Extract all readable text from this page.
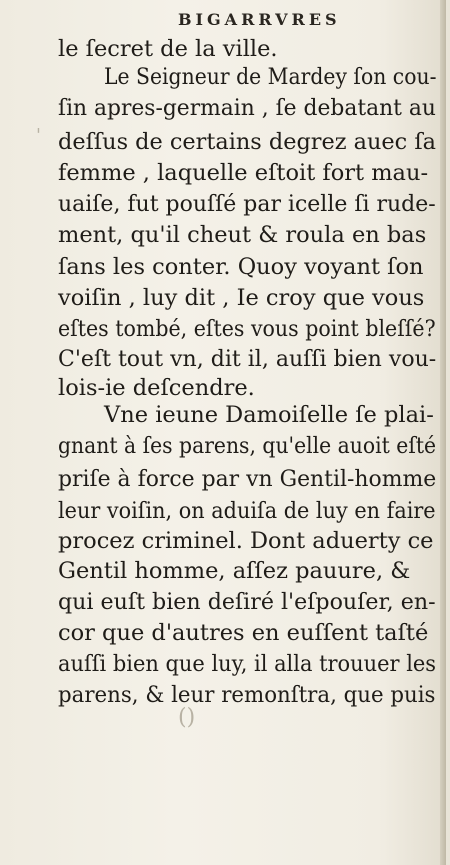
BIGARRVRES
le ſecret de la ville.
Le Seigneur de Mardey ſon cou-
ſin apres-germain , ſe debatant au
deſſus de certains degrez auec ſa
femme , laquelle eſtoit fort mau-
uaiſe, fut pouſſé par icelle ſi rude-
ment, qu'il cheut & roula en bas
ſans les conter. Quoy voyant ſon
voiſin , luy dit , Ie croy que vous
eſtes tombé, eſtes vous point bleſſé?
C'eſt tout vn, dit il, auſſi bien vou-
lois-ie deſcendre.
Vne ieune Damoiſelle ſe plai-
gnant à ſes parens, qu'elle auoit eſté
priſe à force par vn Gentil-homme
leur voiſin, on aduiſa de luy en faire
procez criminel. Dont aduerty ce
Gentil homme, aſſez pauure, &
qui euſt bien deſiré l'eſpouſer, en-
cor que d'autres en euſſent taſté
auſſi bien que luy, il alla trouuer les
parens, & leur remonſtra, que puis
'
()
